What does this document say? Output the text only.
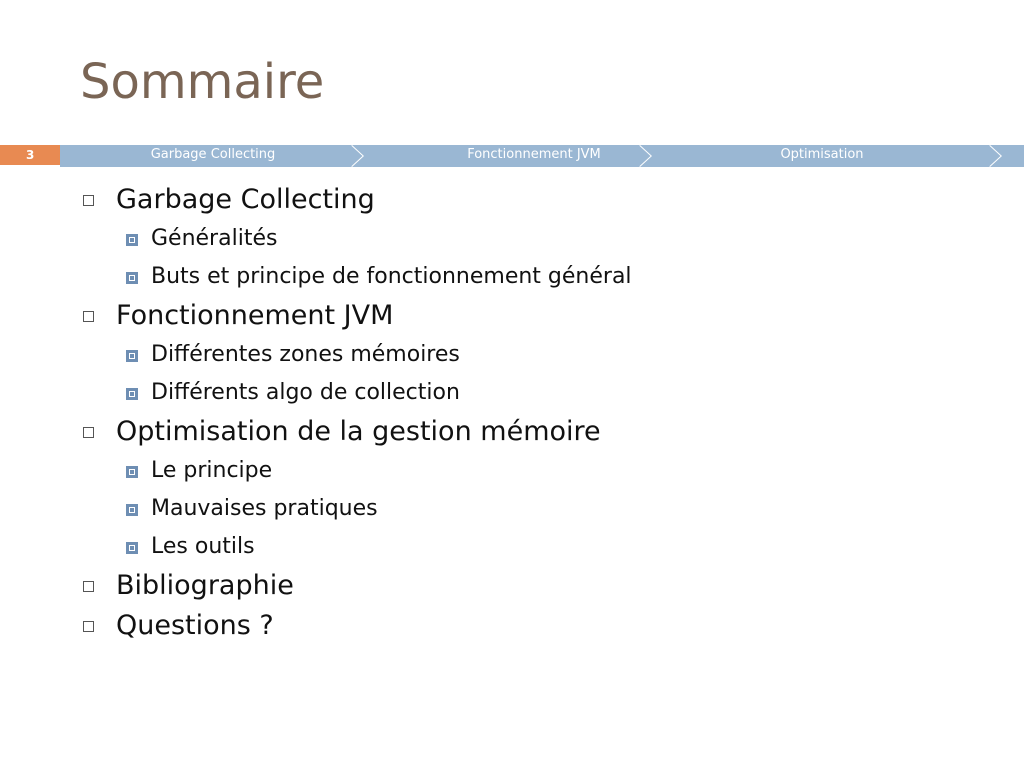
Sommaire
3	Garbage Collecting	Fonctionnement JVM	Optimisation
Garbage Collecting
Généralités
Buts et principe de fonctionnement général
Fonctionnement JVM
Différentes zones mémoires
Différents algo de collection
Optimisation de la gestion mémoire
Le principe
Mauvaises pratiques
Les outils
Bibliographie
Questions ?
